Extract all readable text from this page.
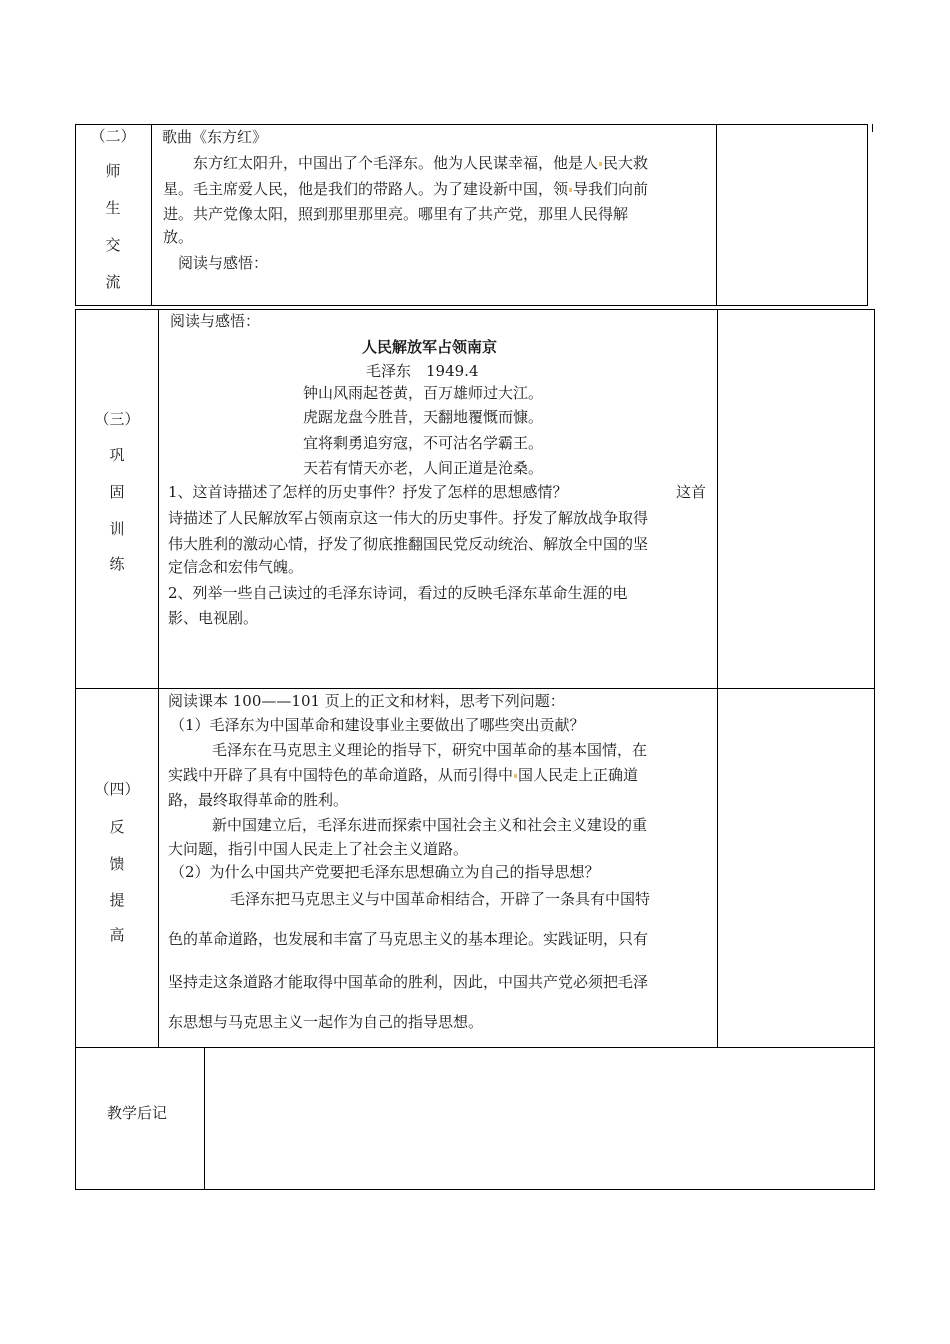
（二）
师
生
交
流
歌曲《东方红》
东方红太阳升，中国出了个毛泽东。他为人民谋幸福，他是人 民大救
星。毛主席爱人民，他是我们的带路人。为了建设新中国，领 导我们向前
进。共产党像太阳，照到那里那里亮。哪里有了共产党，那里人民得解
放。
阅读与感悟：
（三）
巩
固
训
练
阅读与感悟：
人民解放军占领南京
毛泽东　1949.4
钟山风雨起苍黄，百万雄师过大江。
虎踞龙盘今胜昔，天翻地覆慨而慷。
宜将剩勇追穷寇，不可沽名学霸王。
天若有情天亦老，人间正道是沧桑。
1、这首诗描述了怎样的历史事件？抒发了怎样的思想感情？	这首
诗描述了人民解放军占领南京这一伟大的历史事件。抒发了解放战争取得
伟大胜利的激动心情，抒发了彻底推翻国民党反动统治、解放全中国的坚
定信念和宏伟气魄。
2、列举一些自己读过的毛泽东诗词，看过的反映毛泽东革命生涯的电
影、电视剧。
（四）
反
馈
提
高
阅读课本 100——101 页上的正文和材料，思考下列问题：
（1）毛泽东为中国革命和建设事业主要做出了哪些突出贡献？
毛泽东在马克思主义理论的指导下，研究中国革命的基本国情，在
实践中开辟了具有中国特色的革命道路，从而引得中 国人民走上正确道
路，最终取得革命的胜利。
新中国建立后，毛泽东进而探索中国社会主义和社会主义建设的重
大问题，指引中国人民走上了社会主义道路。
（2）为什么中国共产党要把毛泽东思想确立为自己的指导思想？
毛泽东把马克思主义与中国革命相结合，开辟了一条具有中国特
色的革命道路，也发展和丰富了马克思主义的基本理论。实践证明，只有
坚持走这条道路才能取得中国革命的胜利，因此，中国共产党必须把毛泽
东思想与马克思主义一起作为自己的指导思想。
教学后记
